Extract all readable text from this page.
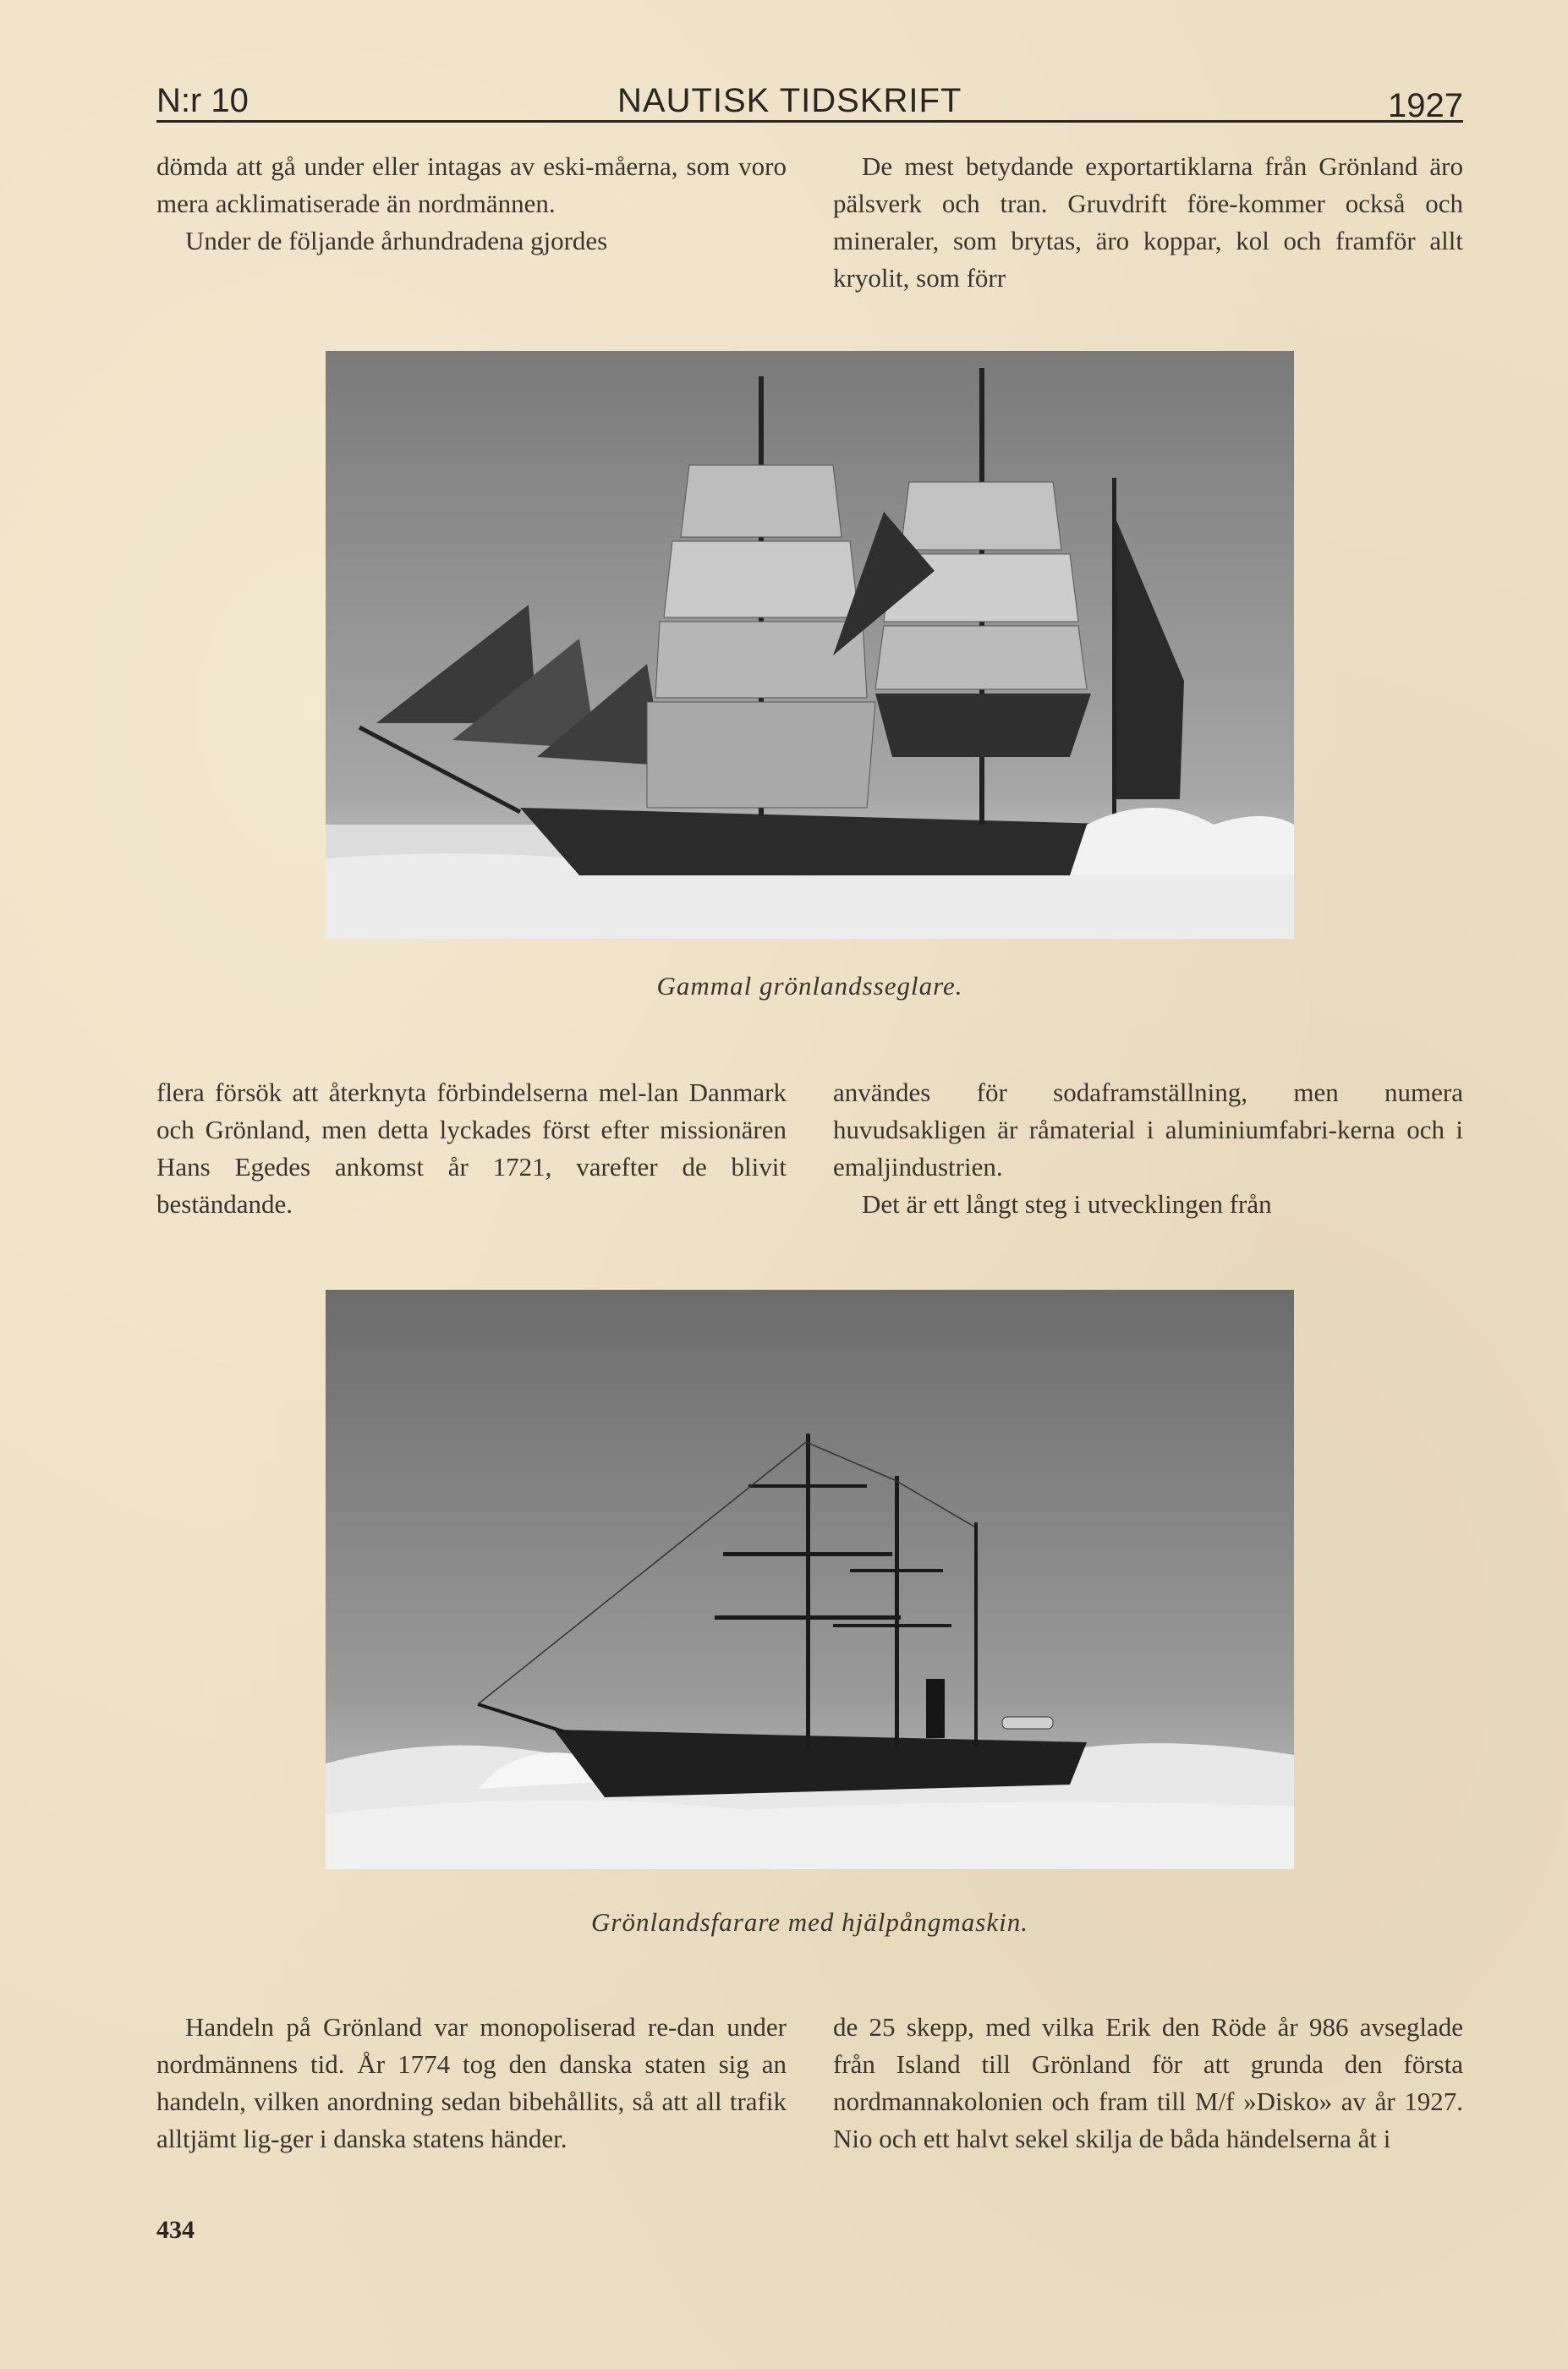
N:r 10	NAUTISK TIDSKRIFT	1927

dömda att gå under eller intagas av eski-måerna, som voro mera acklimatiserade än nordmännen.

Under de följande århundradena gjordes

De mest betydande exportartiklarna från Grönland äro pälsverk och tran. Gruvdrift före-kommer också och mineraler, som brytas, äro koppar, kol och framför allt kryolit, som förr

Gammal grönlandsseglare.

flera försök att återknyta förbindelserna mel-lan Danmark och Grönland, men detta lyckades först efter missionären Hans Egedes ankomst år 1721, varefter de blivit beständande.

användes för sodaframställning, men numera huvudsakligen är råmaterial i aluminiumfabri-kerna och i emaljindustrien.

Det är ett långt steg i utvecklingen från

Grönlandsfarare med hjälpångmaskin.

Handeln på Grönland var monopoliserad re-dan under nordmännens tid. År 1774 tog den danska staten sig an handeln, vilken anordning sedan bibehållits, så att all trafik alltjämt lig-ger i danska statens händer.

de 25 skepp, med vilka Erik den Röde år 986 avseglade från Island till Grönland för att grunda den första nordmannakolonien och fram till M/f »Disko» av år 1927. Nio och ett halvt sekel skilja de båda händelserna åt i

434
